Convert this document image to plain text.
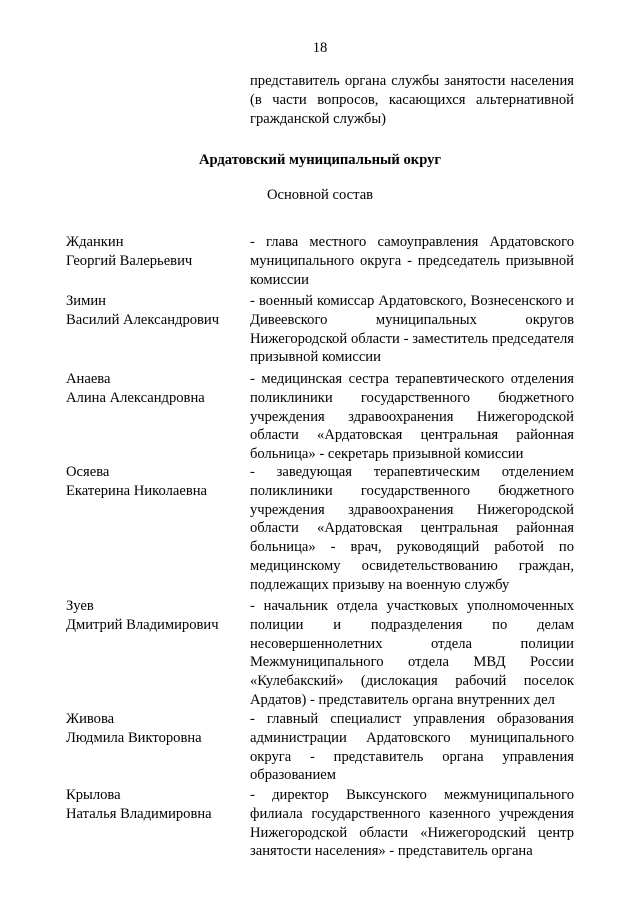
18

представитель органа службы занятости населения (в части вопросов, касающихся альтернативной гражданской службы)

Ардатовский муниципальный округ
Основной состав
Жданкин
Георгий Валерьевич

- глава местного самоуправления Ардатовского муниципального округа - председатель призывной комиссии

Зимин
Василий Александрович

- военный комиссар Ардатовского, Вознесенского и Дивеевского муниципальных округов Нижегородской области - заместитель председателя призывной комиссии

Анаева
Алина Александровна

- медицинская сестра терапевтического отделения поликлиники государственного бюджетного учреждения здравоохранения Нижегородской области «Ардатовская центральная районная больница» - секретарь призывной комиссии

Осяева
Екатерина Николаевна

- заведующая терапевтическим отделением поликлиники государственного бюджетного учреждения здравоохранения Нижегородской области «Ардатовская центральная районная больница» - врач, руководящий работой по медицинскому освидетельствованию граждан, подлежащих призыву на военную службу

Зуев
Дмитрий Владимирович

- начальник отдела участковых уполномоченных полиции и подразделения по делам несовершеннолетних отдела полиции Межмуниципального отдела МВД России «Кулебакский» (дислокация рабочий поселок Ардатов) - представитель органа внутренних дел

Живова
Людмила Викторовна

- главный специалист управления образования администрации Ардатовского муниципального округа - представитель органа управления образованием

Крылова
Наталья Владимировна

- директор Выксунского межмуниципального филиала государственного казенного учреждения Нижегородской области «Нижегородский центр занятости населения» - представитель органа
